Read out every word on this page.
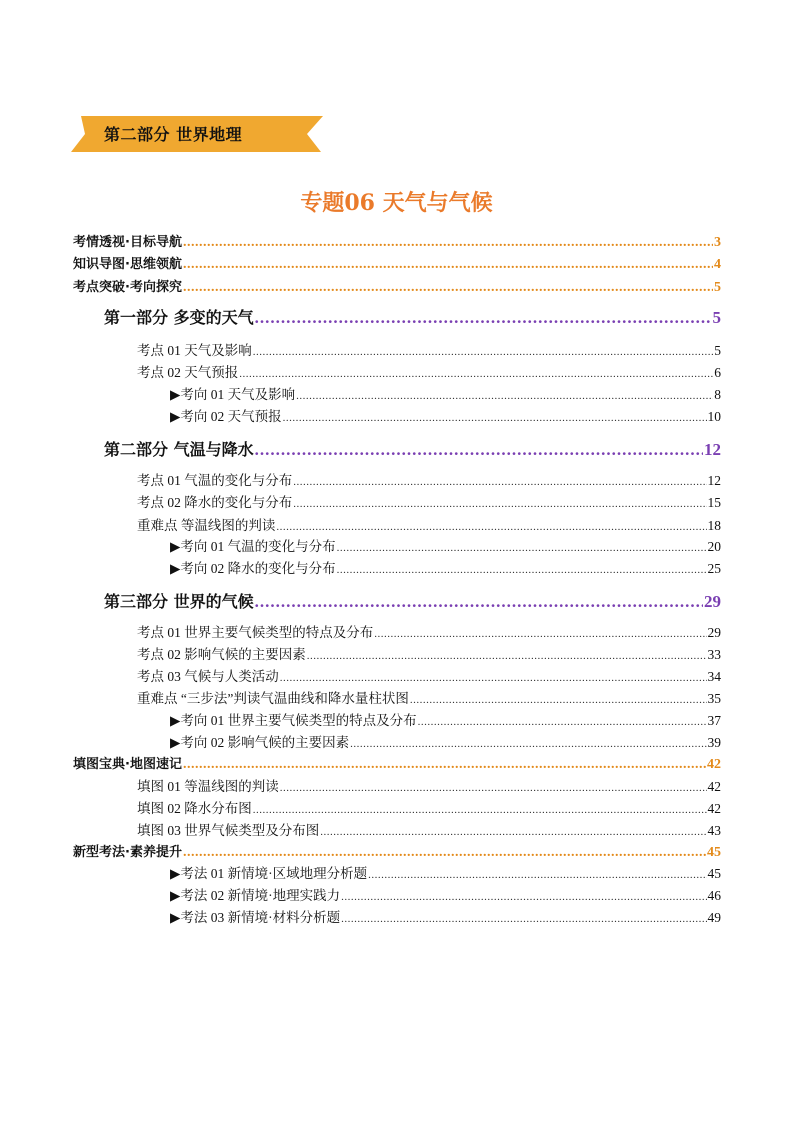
第二部分 世界地理
专题06 天气与气候
考情透视·目标导航 .....	3
知识导图·思维领航 .....	4
考点突破·考向探究 .....	5
第一部分 多变的天气 .....	5
考点 01 天气及影响 .....	5
考点 02 天气预报 .....	6
▶考向 01 天气及影响 .....	8
▶考向 02 天气预报 .....	10
第二部分 气温与降水 .....	12
考点 01 气温的变化与分布 .....	12
考点 02 降水的变化与分布 .....	15
重难点 等温线图的判读 .....	18
▶考向 01 气温的变化与分布 .....	20
▶考向 02 降水的变化与分布 .....	25
第三部分 世界的气候 .....	29
考点 01 世界主要气候类型的特点及分布 .....	29
考点 02 影响气候的主要因素 .....	33
考点 03 气候与人类活动 .....	34
重难点 “三步法”判读气温曲线和降水量柱状图 .....	35
▶考向 01 世界主要气候类型的特点及分布 .....	37
▶考向 02 影响气候的主要因素 .....	39
填图宝典·地图速记 .....	42
填图 01 等温线图的判读 .....	42
填图 02 降水分布图 .....	42
填图 03 世界气候类型及分布图 .....	43
新型考法·素养提升 .....	45
▶考法 01 新情境·区域地理分析题 .....	45
▶考法 02 新情境·地理实践力 .....	46
▶考法 03 新情境·材料分析题 .....	49
